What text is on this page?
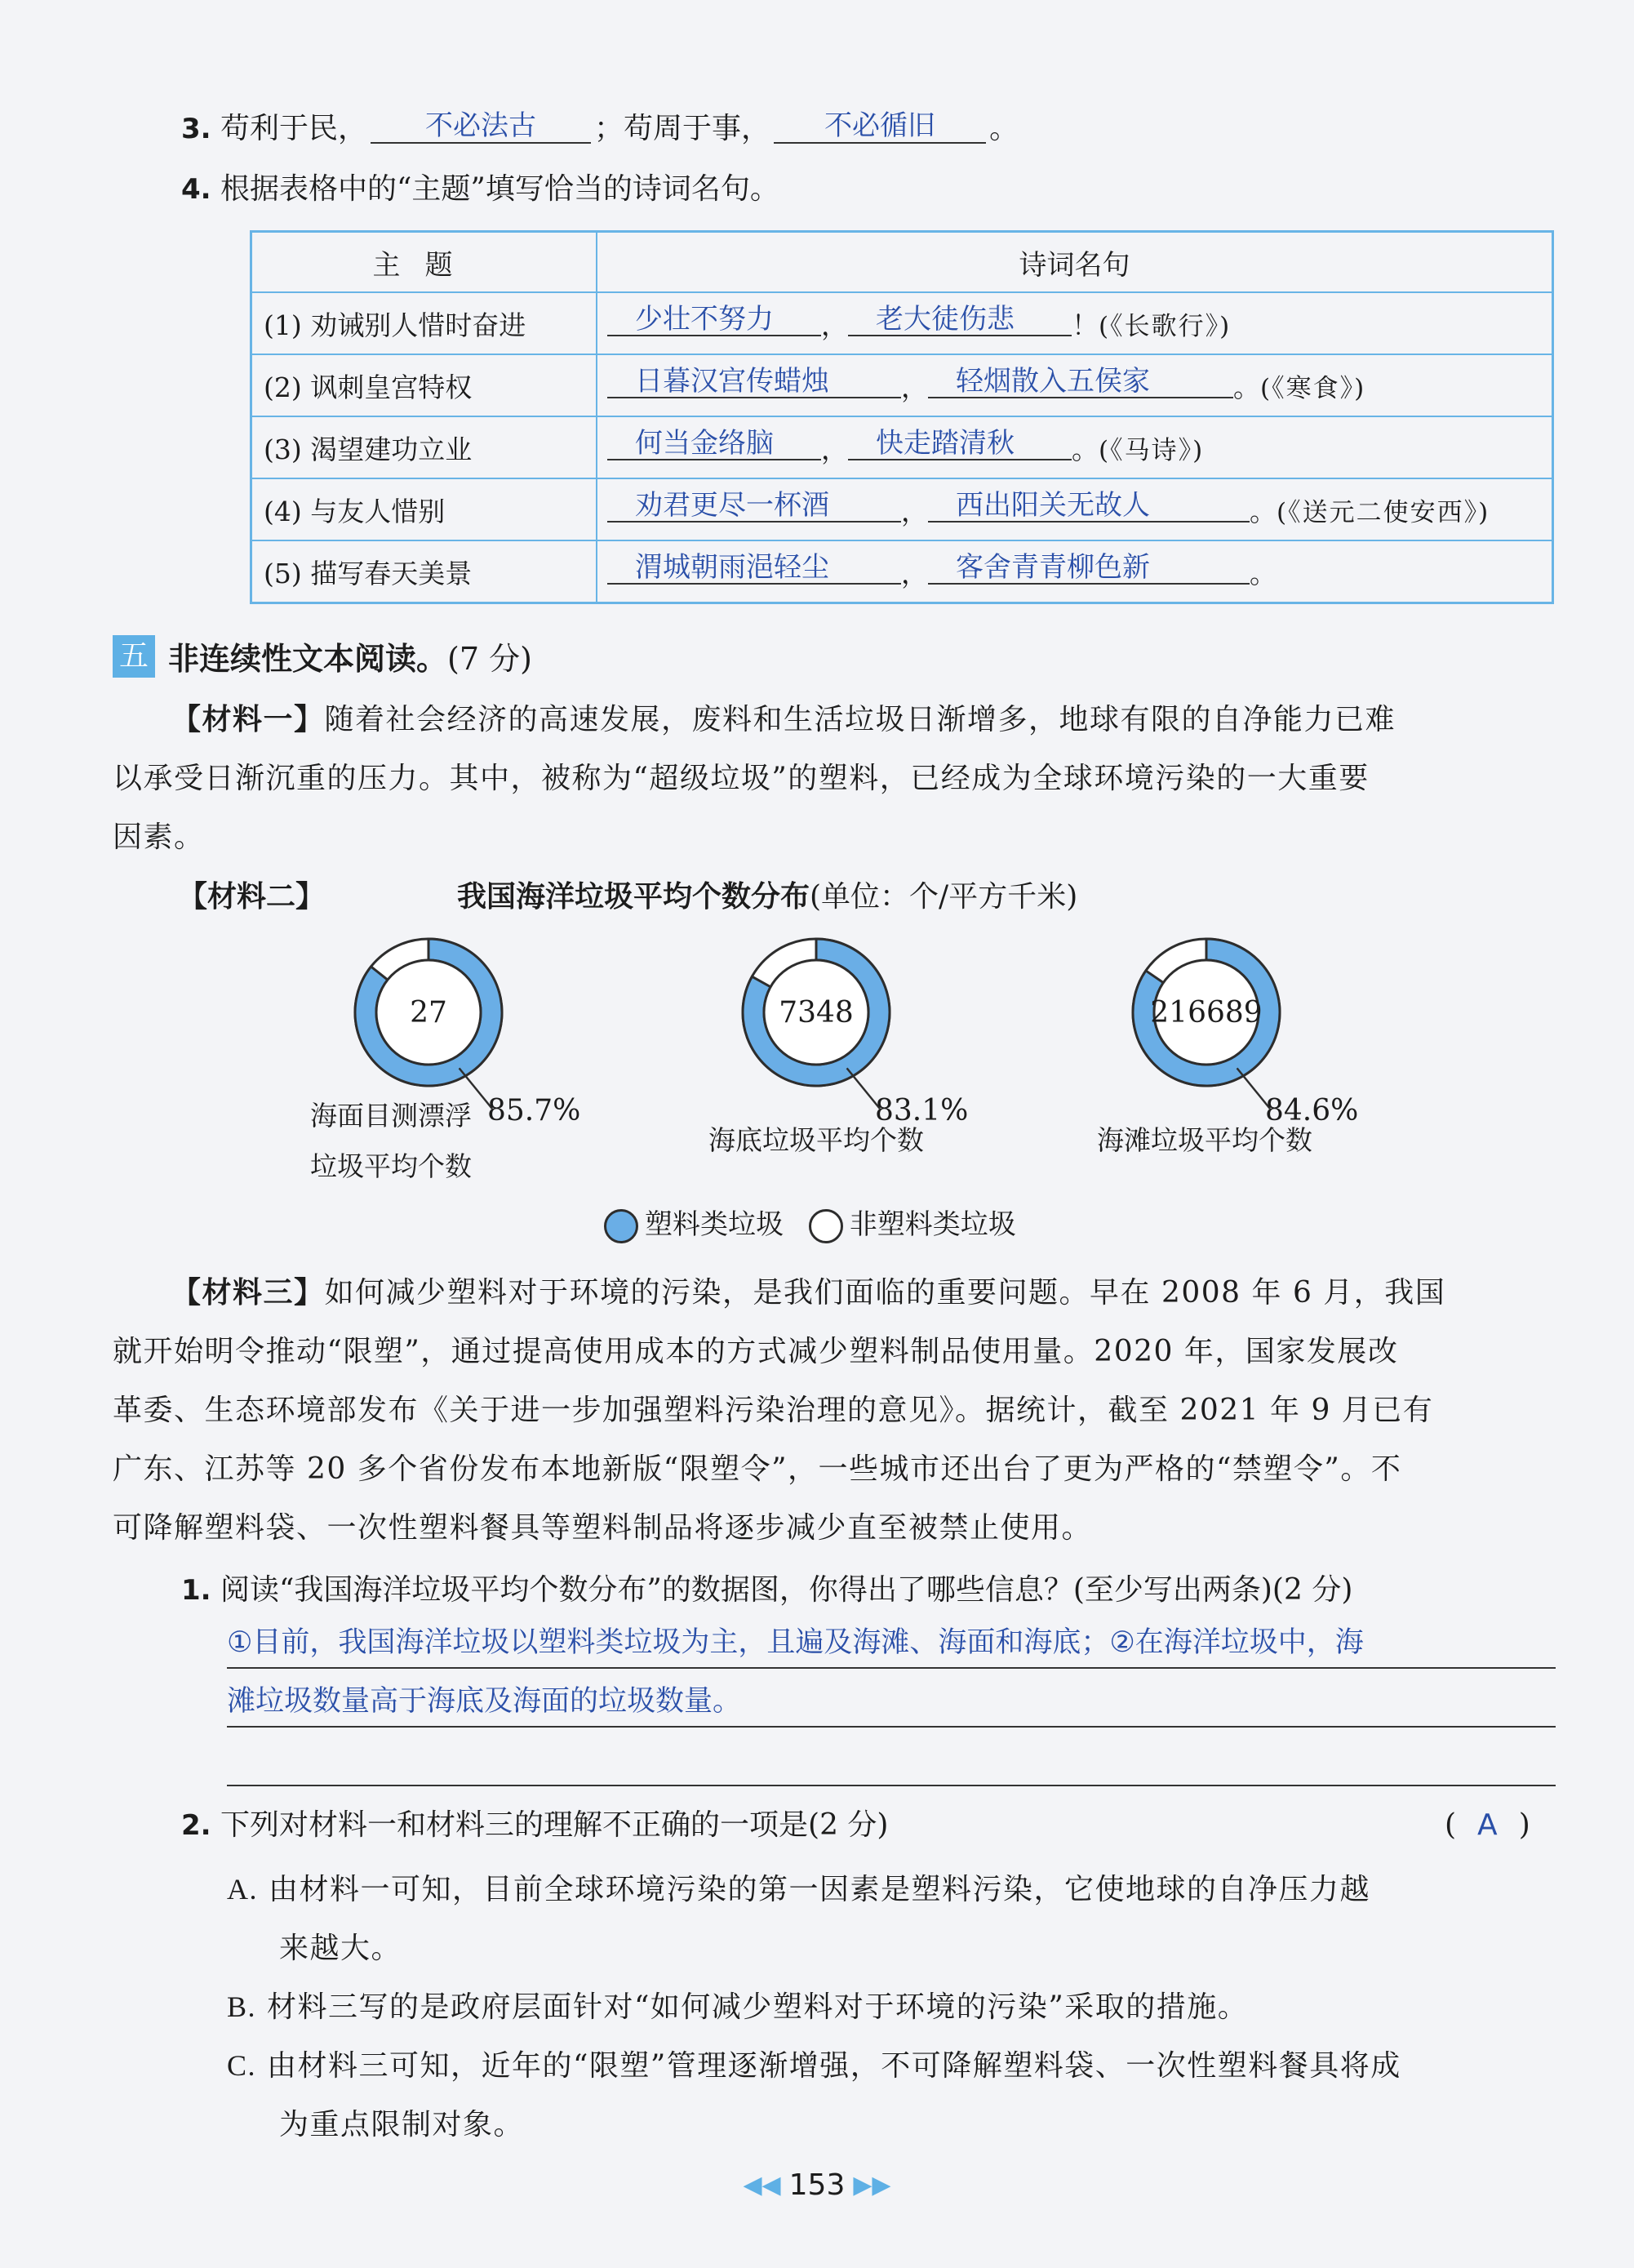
3. 苟利于民， 不必法古 ；苟周于事， 不必循旧 。
4. 根据表格中的“主题”填写恰当的诗词名句。
主题	诗词名句
(1) 劝诫别人惜时奋进	少壮不努力 ， 老大徒伤悲 ！(《长歌行》)
(2) 讽刺皇宫特权	日暮汉宫传蜡烛 ， 轻烟散入五侯家 。(《寒食》)
(3) 渴望建功立业	何当金络脑 ， 快走踏清秋 。(《马诗》)
(4) 与友人惜别	劝君更尽一杯酒 ， 西出阳关无故人 。(《送元二使安西》)
(5) 描写春天美景	渭城朝雨浥轻尘 ， 客舍青青柳色新 。
五 非连续性文本阅读。(7 分)
【材料一】随着社会经济的高速发展，废料和生活垃圾日渐增多，地球有限的自净能力已难
以承受日渐沉重的压力。其中，被称为“超级垃圾”的塑料，已经成为全球环境污染的一大重要
因素。
【材料二】	我国海洋垃圾平均个数分布(单位：个/平方千米)
27
85.7%
7348
83.1%
216689
84.6%
海面目测漂浮
垃圾平均个数
海底垃圾平均个数	海滩垃圾平均个数
塑料类垃圾 非塑料类垃圾
【材料三】如何减少塑料对于环境的污染，是我们面临的重要问题。早在 2008 年 6 月，我国
就开始明令推动“限塑”，通过提高使用成本的方式减少塑料制品使用量。2020 年，国家发展改
革委、生态环境部发布《关于进一步加强塑料污染治理的意见》。据统计，截至 2021 年 9 月已有
广东、江苏等 20 多个省份发布本地新版“限塑令”，一些城市还出台了更为严格的“禁塑令”。不
可降解塑料袋、一次性塑料餐具等塑料制品将逐步减少直至被禁止使用。
1. 阅读“我国海洋垃圾平均个数分布”的数据图，你得出了哪些信息？(至少写出两条)(2 分)
①目前，我国海洋垃圾以塑料类垃圾为主，且遍及海滩、海面和海底；②在海洋垃圾中，海
滩垃圾数量高于海底及海面的垃圾数量。
2. 下列对材料一和材料三的理解不正确的一项是(2 分)	( A )
A. 由材料一可知，目前全球环境污染的第一因素是塑料污染，它使地球的自净压力越
来越大。
B. 材料三写的是政府层面针对“如何减少塑料对于环境的污染”采取的措施。
C. 由材料三可知，近年的“限塑”管理逐渐增强，不可降解塑料袋、一次性塑料餐具将成
为重点限制对象。
◀◀ 153 ▶▶
